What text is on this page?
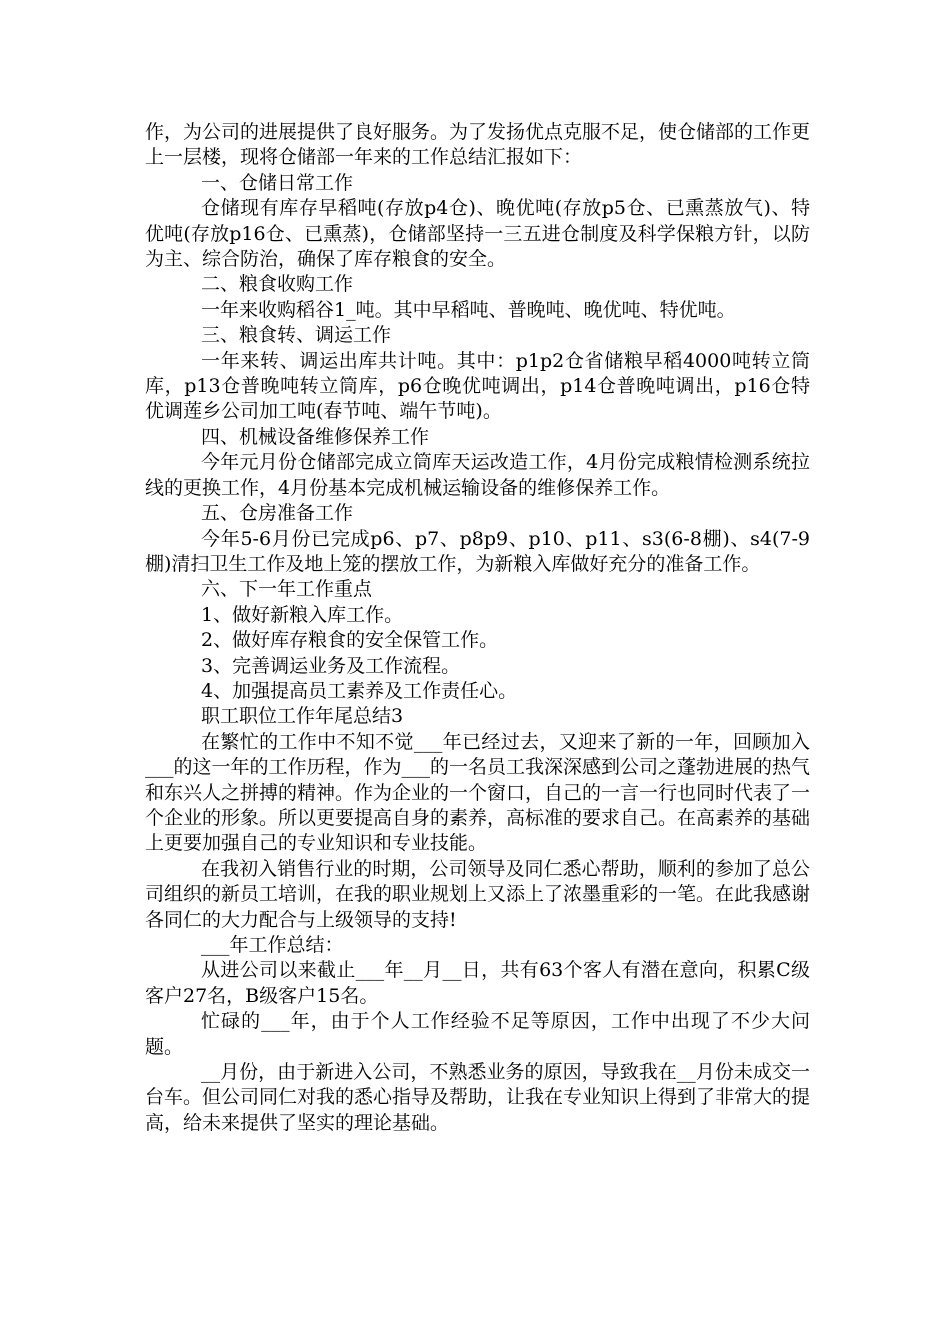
作，为公司的进展提供了良好服务。为了发扬优点克服不足，使仓储部的工作更上一层楼，现将仓储部一年来的工作总结汇报如下：

一、仓储日常工作

仓储现有库存早稻吨(存放p4仓)、晚优吨(存放p5仓、已熏蒸放气)、特优吨(存放p16仓、已熏蒸)，仓储部坚持一三五进仓制度及科学保粮方针，以防为主、综合防治，确保了库存粮食的安全。

二、粮食收购工作

一年来收购稻谷1_吨。其中早稻吨、普晚吨、晚优吨、特优吨。

三、粮食转、调运工作

一年来转、调运出库共计吨。其中：p1p2仓省储粮早稻4000吨转立筒库，p13仓普晚吨转立筒库，p6仓晚优吨调出，p14仓普晚吨调出，p16仓特优调莲乡公司加工吨(春节吨、端午节吨)。

四、机械设备维修保养工作

今年元月份仓储部完成立筒库天运改造工作，4月份完成粮情检测系统拉线的更换工作，4月份基本完成机械运输设备的维修保养工作。

五、仓房准备工作

今年5-6月份已完成p6、p7、p8p9、p10、p11、s3(6-8棚)、s4(7-9棚)清扫卫生工作及地上笼的摆放工作，为新粮入库做好充分的准备工作。

六、下一年工作重点

1、做好新粮入库工作。

2、做好库存粮食的安全保管工作。

3、完善调运业务及工作流程。

4、加强提高员工素养及工作责任心。

职工职位工作年尾总结3

在繁忙的工作中不知不觉___年已经过去，又迎来了新的一年，回顾加入___的这一年的工作历程，作为___的一名员工我深深感到公司之蓬勃进展的热气和东兴人之拼搏的精神。作为企业的一个窗口，自己的一言一行也同时代表了一个企业的形象。所以更要提高自身的素养，高标准的要求自己。在高素养的基础上更要加强自己的专业知识和专业技能。

在我初入销售行业的时期，公司领导及同仁悉心帮助，顺利的参加了总公司组织的新员工培训，在我的职业规划上又添上了浓墨重彩的一笔。在此我感谢各同仁的大力配合与上级领导的支持!

___年工作总结：

从进公司以来截止___年__月__日，共有63个客人有潜在意向，积累C级客户27名，B级客户15名。

忙碌的___年，由于个人工作经验不足等原因，工作中出现了不少大问题。

__月份，由于新进入公司，不熟悉业务的原因，导致我在__月份未成交一台车。但公司同仁对我的悉心指导及帮助，让我在专业知识上得到了非常大的提高，给未来提供了坚实的理论基础。
